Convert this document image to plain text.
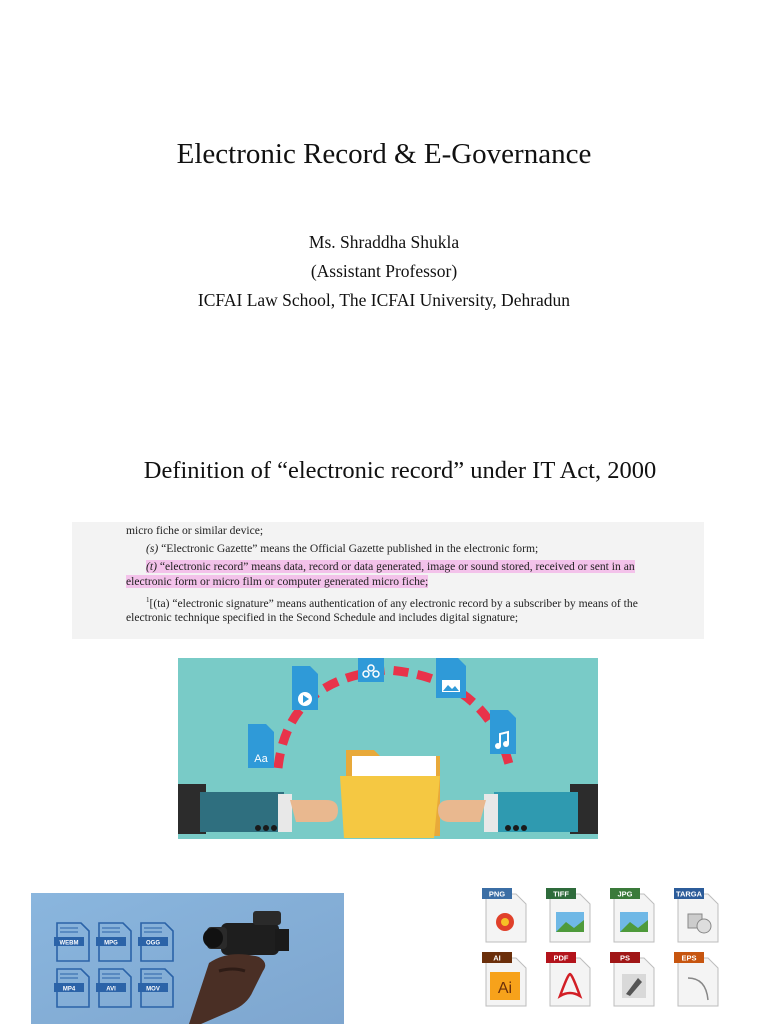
Electronic Record & E-Governance
Ms. Shraddha Shukla
(Assistant Professor)
ICFAI Law School, The ICFAI University, Dehradun
Definition of “electronic record” under IT Act, 2000

micro fiche or similar device;

(s) “Electronic Gazette” means the Official Gazette published in the electronic form;

(t) “electronic record” means data, record or data generated, image or sound stored, received or sent in an electronic form or micro film or computer generated micro fiche;

$^1$[(ta) “electronic signature” means authentication of any electronic record by a subscriber by means of the electronic technique specified in the Second Schedule and includes digital signature;

Aa
WEBM	MPG	OGG
MP4	AVI	MOV
PNG	TIFF	JPG	TARGA
AI
Ai
PDF	PS	EPS
